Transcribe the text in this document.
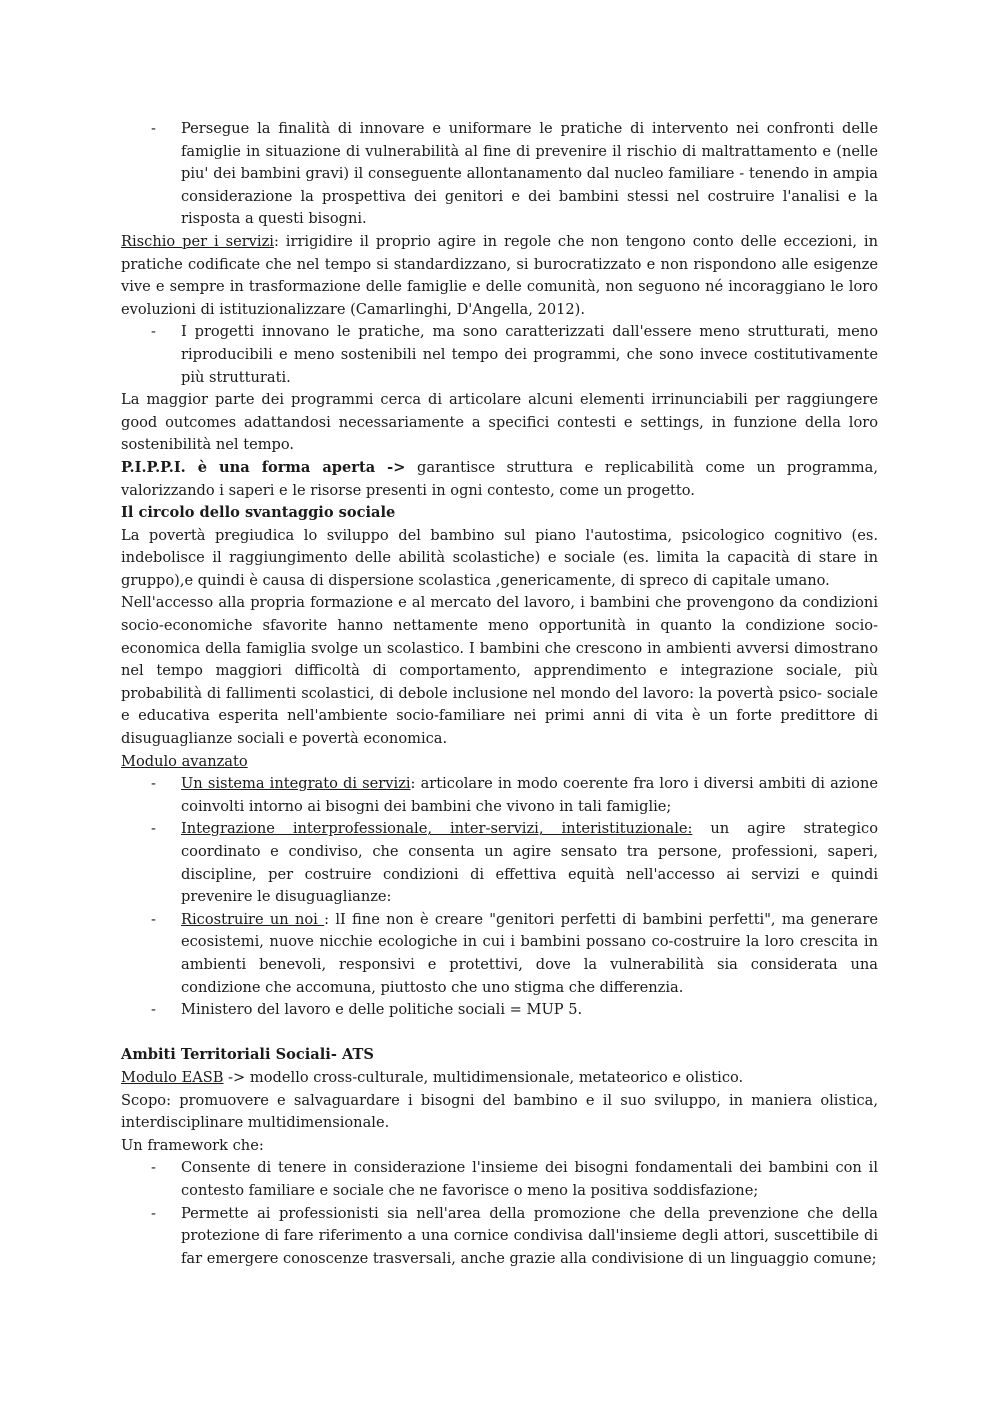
- Persegue la finalità di innovare e uniformare le pratiche di intervento nei confronti delle famiglie in situazione di vulnerabilità al fine di prevenire il rischio di maltrattamento e (nelle piu' dei bambini gravi) il conseguente allontanamento dal nucleo familiare - tenendo in ampia considerazione la prospettiva dei genitori e dei bambini stessi nel costruire l'analisi e la risposta a questi bisogni.

Rischio per i servizi: irrigidire il proprio agire in regole che non tengono conto delle eccezioni, in pratiche codificate che nel tempo si standardizzano, si burocratizzato e non rispondono alle esigenze vive e sempre in trasformazione delle famiglie e delle comunità, non seguono né incoraggiano le loro evoluzioni di istituzionalizzare (Camarlinghi, D'Angella, 2012).

- I progetti innovano le pratiche, ma sono caratterizzati dall'essere meno strutturati, meno riproducibili e meno sostenibili nel tempo dei programmi, che sono invece costitutivamente più strutturati.

La maggior parte dei programmi cerca di articolare alcuni elementi irrinunciabili per raggiungere good outcomes adattandosi necessariamente a specifici contesti e settings, in funzione della loro sostenibilità nel tempo.

P.I.P.P.I. è una forma aperta -> garantisce struttura e replicabilità come un programma, valorizzando i saperi e le risorse presenti in ogni contesto, come un progetto.

Il circolo dello svantaggio sociale

La povertà pregiudica lo sviluppo del bambino sul piano l'autostima, psicologico cognitivo (es. indebolisce il raggiungimento delle abilità scolastiche) e sociale (es. limita la capacità di stare in gruppo),e quindi è causa di dispersione scolastica ,genericamente, di spreco di capitale umano.

Nell'accesso alla propria formazione e al mercato del lavoro, i bambini che provengono da condizioni socio-economiche sfavorite hanno nettamente meno opportunità in quanto la condizione socio-economica della famiglia svolge un scolastico. I bambini che crescono in ambienti avversi dimostrano nel tempo maggiori difficoltà di comportamento, apprendimento e integrazione sociale, più probabilità di fallimenti scolastici, di debole inclusione nel mondo del lavoro: la povertà psico- sociale e educativa esperita nell'ambiente socio-familiare nei primi anni di vita è un forte predittore di disuguaglianze sociali e povertà economica.

Modulo avanzato

- Un sistema integrato di servizi: articolare in modo coerente fra loro i diversi ambiti di azione coinvolti intorno ai bisogni dei bambini che vivono in tali famiglie;
- Integrazione interprofessionale, inter-servizi, interistituzionale: un agire strategico coordinato e condiviso, che consenta un agire sensato tra persone, professioni, saperi, discipline, per costruire condizioni di effettiva equità nell'accesso ai servizi e quindi prevenire le disuguaglianze:
- Ricostruire un noi : lI fine non è creare "genitori perfetti di bambini perfetti", ma generare ecosistemi, nuove nicchie ecologiche in cui i bambini possano co-costruire la loro crescita in ambienti benevoli, responsivi e protettivi, dove la vulnerabilità sia considerata una condizione che accomuna, piuttosto che uno stigma che differenzia.
- Ministero del lavoro e delle politiche sociali = MUP 5.

Ambiti Territoriali Sociali- ATS

Modulo EASB -> modello cross-culturale, multidimensionale, metateorico e olistico.

Scopo: promuovere e salvaguardare i bisogni del bambino e il suo sviluppo, in maniera olistica, interdisciplinare multidimensionale.

Un framework che:

- Consente di tenere in considerazione l'insieme dei bisogni fondamentali dei bambini con il contesto familiare e sociale che ne favorisce o meno la positiva soddisfazione;
- Permette ai professionisti sia nell'area della promozione che della prevenzione che della protezione di fare riferimento a una cornice condivisa dall'insieme degli attori, suscettibile di far emergere conoscenze trasversali, anche grazie alla condivisione di un linguaggio comune;
